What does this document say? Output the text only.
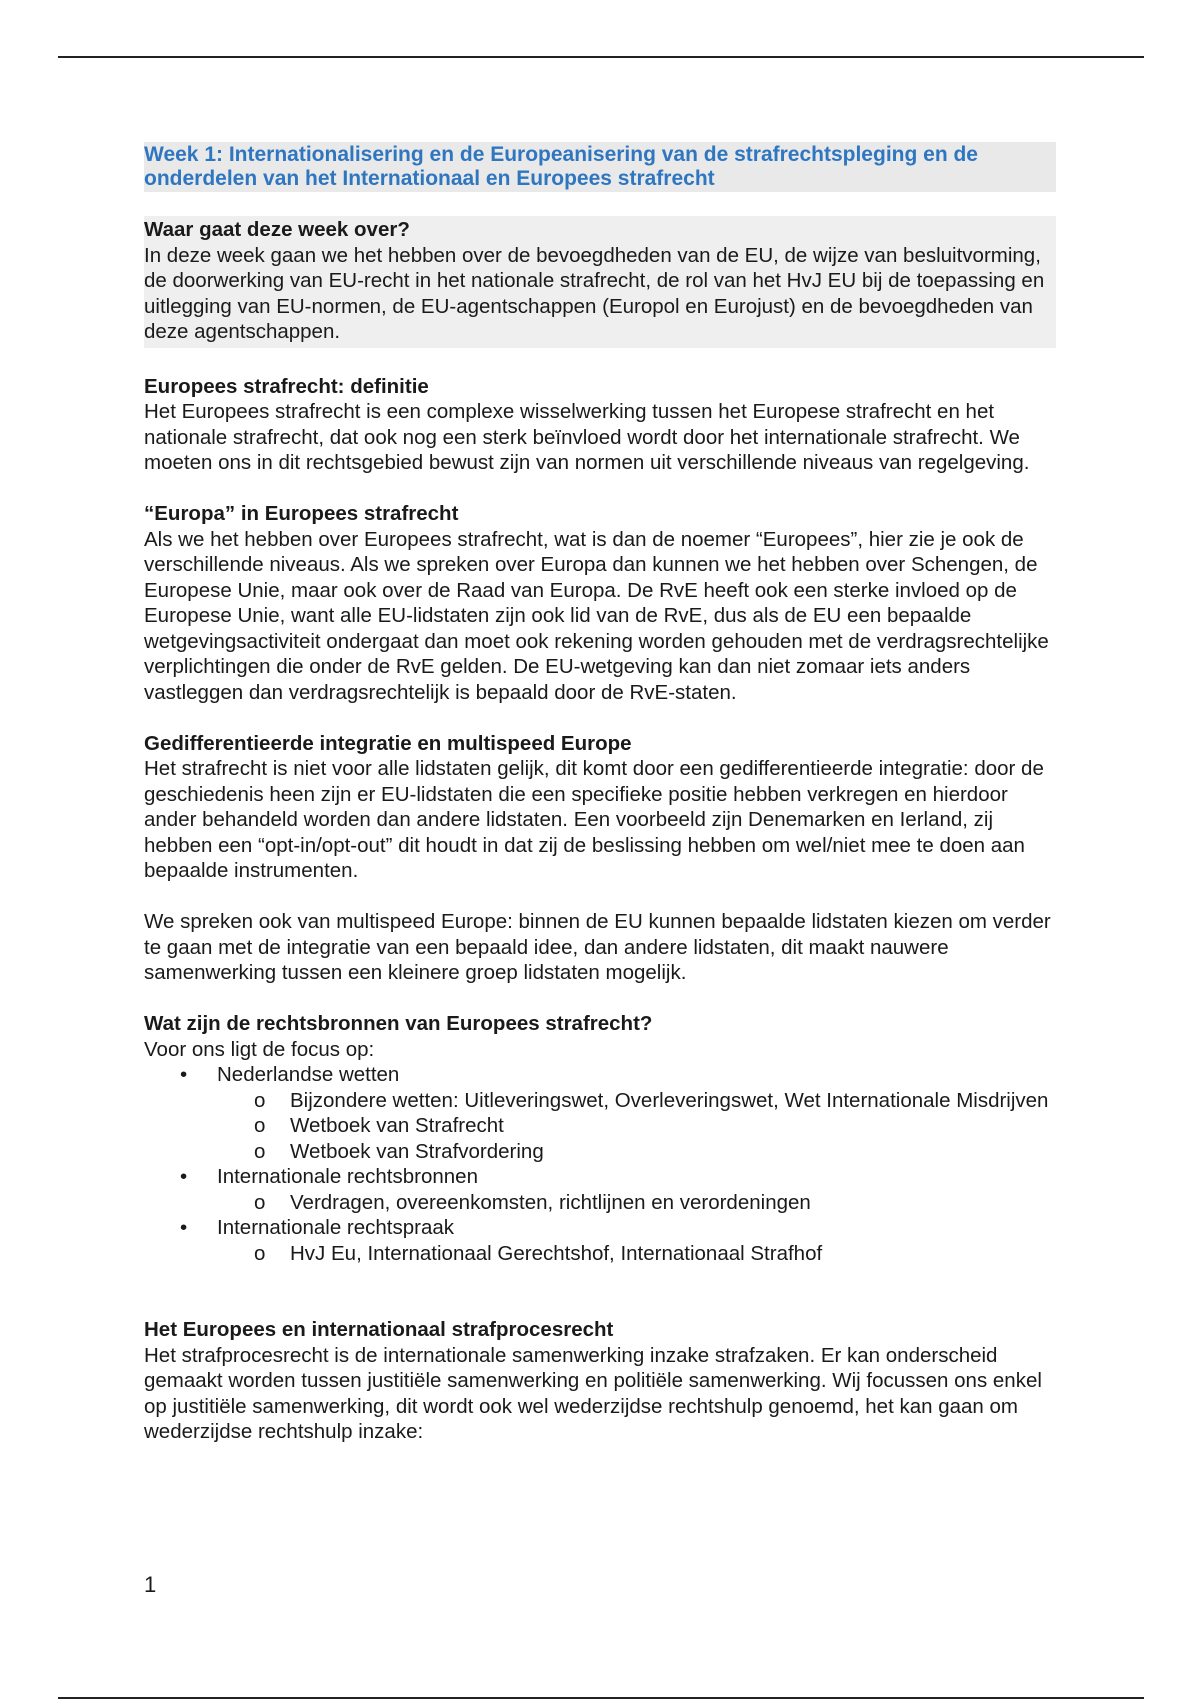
Week 1: Internationalisering en de Europeanisering van de strafrechtspleging en de onderdelen van het Internationaal en Europees strafrecht
Waar gaat deze week over?

In deze week gaan we het hebben over de bevoegdheden van de EU, de wijze van besluitvorming, de doorwerking van EU-recht in het nationale strafrecht, de rol van het HvJ EU bij de toepassing en uitlegging van EU-normen, de EU-agentschappen (Europol en Eurojust) en de bevoegdheden van deze agentschappen.

Europees strafrecht: definitie

Het Europees strafrecht is een complexe wisselwerking tussen het Europese strafrecht en het nationale strafrecht, dat ook nog een sterk beïnvloed wordt door het internationale strafrecht. We moeten ons in dit rechtsgebied bewust zijn van normen uit verschillende niveaus van regelgeving.

“Europa” in Europees strafrecht

Als we het hebben over Europees strafrecht, wat is dan de noemer “Europees”, hier zie je ook de verschillende niveaus. Als we spreken over Europa dan kunnen we het hebben over Schengen, de Europese Unie, maar ook over de Raad van Europa. De RvE heeft ook een sterke invloed op de Europese Unie, want alle EU-lidstaten zijn ook lid van de RvE, dus als de EU een bepaalde wetgevingsactiviteit ondergaat dan moet ook rekening worden gehouden met de verdragsrechtelijke verplichtingen die onder de RvE gelden. De EU-wetgeving kan dan niet zomaar iets anders vastleggen dan verdragsrechtelijk is bepaald door de RvE-staten.

Gedifferentieerde integratie en multispeed Europe

Het strafrecht is niet voor alle lidstaten gelijk, dit komt door een gedifferentieerde integratie: door de geschiedenis heen zijn er EU-lidstaten die een specifieke positie hebben verkregen en hierdoor ander behandeld worden dan andere lidstaten. Een voorbeeld zijn Denemarken en Ierland, zij hebben een “opt-in/opt-out” dit houdt in dat zij de beslissing hebben om wel/niet mee te doen aan bepaalde instrumenten.

We spreken ook van multispeed Europe: binnen de EU kunnen bepaalde lidstaten kiezen om verder te gaan met de integratie van een bepaald idee, dan andere lidstaten, dit maakt nauwere samenwerking tussen een kleinere groep lidstaten mogelijk.

Wat zijn de rechtsbronnen van Europees strafrecht?

Voor ons ligt de focus op:

• Nederlandse wetten
o Bijzondere wetten: Uitleveringswet, Overleveringswet, Wet Internationale Misdrijven
o Wetboek van Strafrecht
o Wetboek van Strafvordering
• Internationale rechtsbronnen
o Verdragen, overeenkomsten, richtlijnen en verordeningen
• Internationale rechtspraak
o HvJ Eu, Internationaal Gerechtshof, Internationaal Strafhof
Het Europees en internationaal strafprocesrecht

Het strafprocesrecht is de internationale samenwerking inzake strafzaken. Er kan onderscheid gemaakt worden tussen justitiële samenwerking en politiële samenwerking. Wij focussen ons enkel op justitiële samenwerking, dit wordt ook wel wederzijdse rechtshulp genoemd, het kan gaan om wederzijdse rechtshulp inzake:

1
